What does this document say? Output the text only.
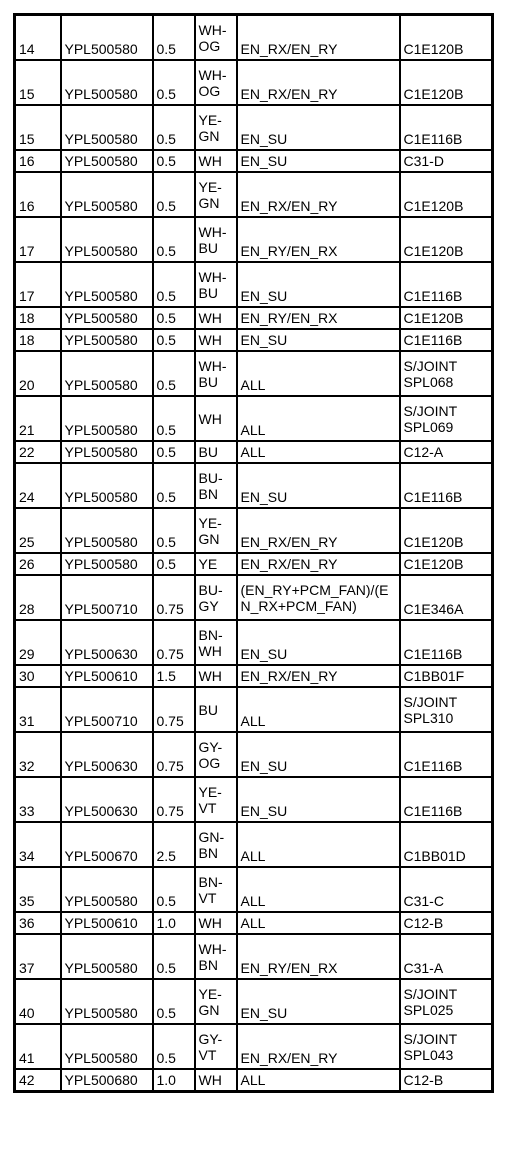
14	YPL500580	0.5	WH-OG	EN_RX/EN_RY	C1E120B
15	YPL500580	0.5	WH-OG	EN_RX/EN_RY	C1E120B
15	YPL500580	0.5	YE-GN	EN_SU	C1E116B
16	YPL500580	0.5	WH	EN_SU	C31-D
16	YPL500580	0.5	YE-GN	EN_RX/EN_RY	C1E120B
17	YPL500580	0.5	WH-BU	EN_RY/EN_RX	C1E120B
17	YPL500580	0.5	WH-BU	EN_SU	C1E116B
18	YPL500580	0.5	WH	EN_RY/EN_RX	C1E120B
18	YPL500580	0.5	WH	EN_SU	C1E116B
20	YPL500580	0.5	WH-BU	ALL	S/JOINT SPL068
21	YPL500580	0.5	WH	ALL	S/JOINT SPL069
22	YPL500580	0.5	BU	ALL	C12-A
24	YPL500580	0.5	BU-BN	EN_SU	C1E116B
25	YPL500580	0.5	YE-GN	EN_RX/EN_RY	C1E120B
26	YPL500580	0.5	YE	EN_RX/EN_RY	C1E120B
28	YPL500710	0.75	BU-GY	(EN_RY+PCM_FAN)/(EN_RX+PCM_FAN)	C1E346A
29	YPL500630	0.75	BN-WH	EN_SU	C1E116B
30	YPL500610	1.5	WH	EN_RX/EN_RY	C1BB01F
31	YPL500710	0.75	BU	ALL	S/JOINT SPL310
32	YPL500630	0.75	GY-OG	EN_SU	C1E116B
33	YPL500630	0.75	YE-VT	EN_SU	C1E116B
34	YPL500670	2.5	GN-BN	ALL	C1BB01D
35	YPL500580	0.5	BN-VT	ALL	C31-C
36	YPL500610	1.0	WH	ALL	C12-B
37	YPL500580	0.5	WH-BN	EN_RY/EN_RX	C31-A
40	YPL500580	0.5	YE-GN	EN_SU	S/JOINT SPL025
41	YPL500580	0.5	GY-VT	EN_RX/EN_RY	S/JOINT SPL043
42	YPL500680	1.0	WH	ALL	C12-B
